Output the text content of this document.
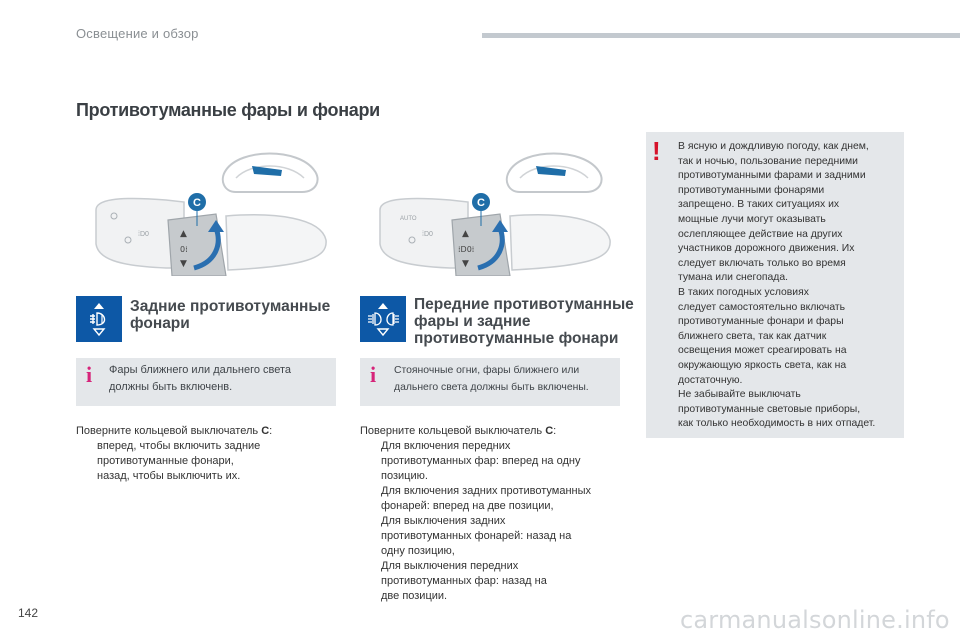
Освещение и обзор
Противотуманные фары и фонари
⁞D0	▲
0⁞
▼
C
AUTO
⁞D0	▲
⁞D0⁞
▼
C
Задние противотуманные
фонари
Передние противотуманные
фары и задние
противотуманные фонари
i Фары ближнего или дальнего света
должны быть включенв.	i Стояночные огни, фары ближнего или
дальнего света должны быть включены.
Поверните кольцевой выключатель C:
вперед, чтобы включить задние
противотуманные фонари,
назад, чтобы выключить их.
Поверните кольцевой выключатель C:
Для включения передних
противотуманных фар: вперед на одну
позицию.
Для включения задних противотуманных
фонарей: вперед на две позиции,
Для выключения задних
противотуманных фонарей: назад на
одну позицию,
Для выключения передних
противотуманных фар: назад на
две позиции.
! В ясную и дождливую погоду, как днем,
так и ночью, пользование передними
противотуманными фарами и задними
противотуманными фонарями
запрещено. В таких ситуациях их
мощные лучи могут оказывать
ослепляющее действие на других
участников дорожного движения. Их
следует включать только во время
тумана или снегопада.
В таких погодных условиях
следует самостоятельно включать
противотуманные фонари и фары
ближнего света, так как датчик
освещения может среагировать на
окружающую яркость света, как на
достаточную.
Не забывайте выключать
противотуманные световые приборы,
как только необходимость в них отпадет.
142	carmanualsonline.info
